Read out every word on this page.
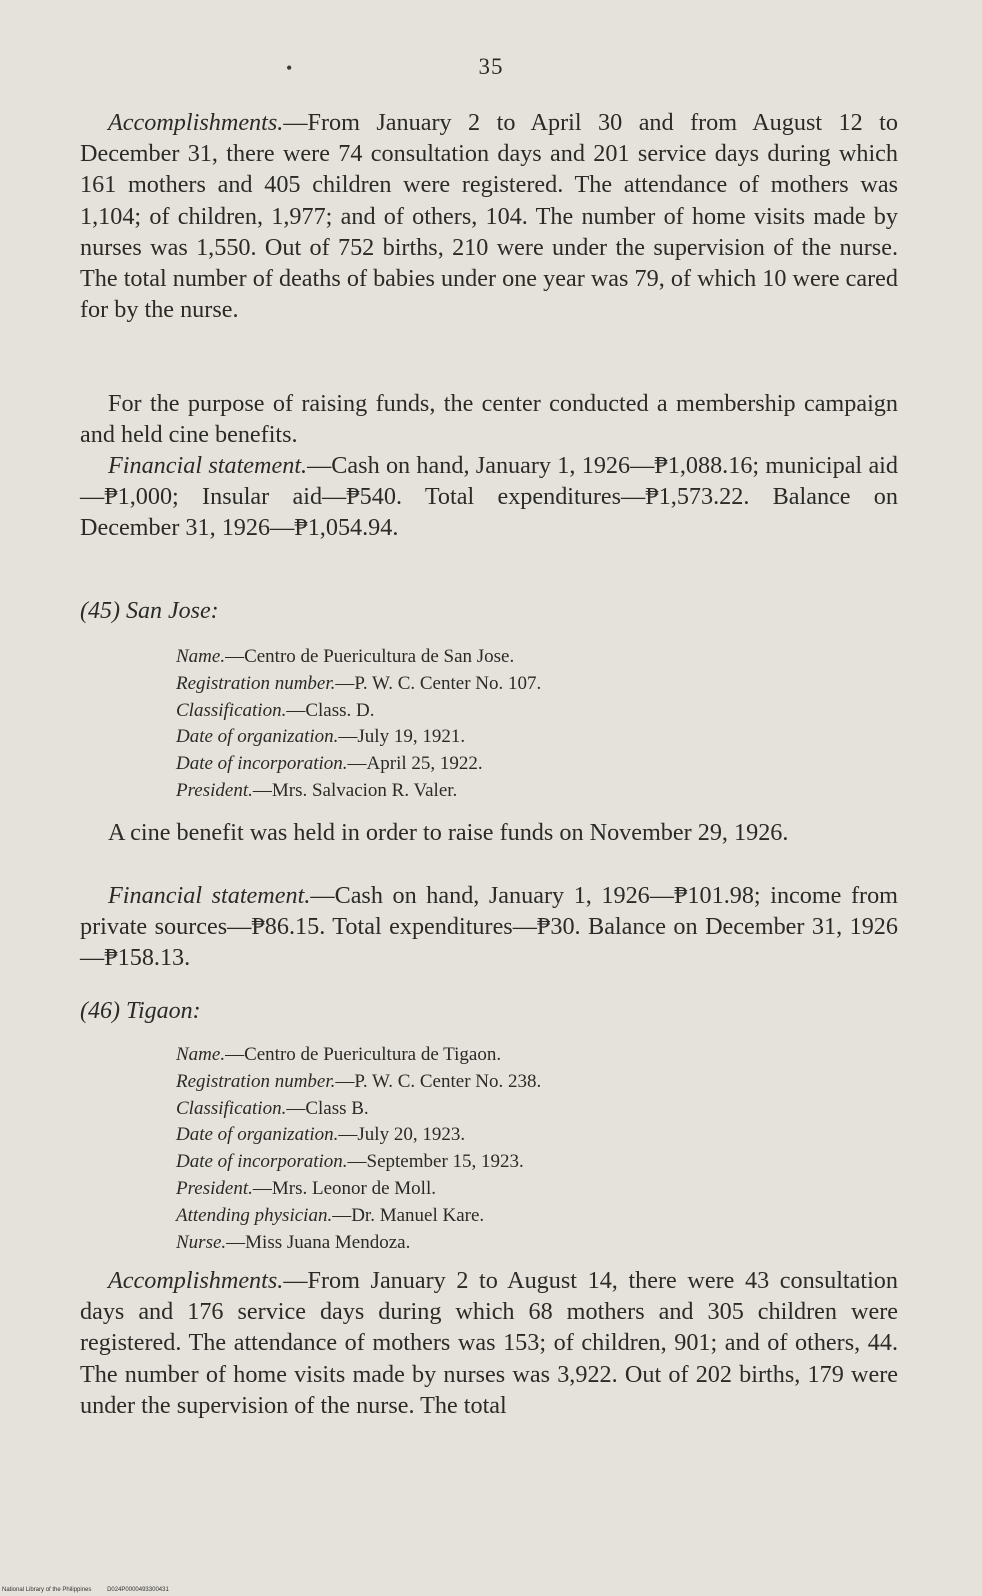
•	35

Accomplishments.—From January 2 to April 30 and from August 12 to December 31, there were 74 consultation days and 201 service days during which 161 mothers and 405 children were registered. The attendance of mothers was 1,104; of children, 1,977; and of others, 104. The number of home visits made by nurses was 1,550. Out of 752 births, 210 were under the supervision of the nurse. The total number of deaths of babies under one year was 79, of which 10 were cared for by the nurse.

For the purpose of raising funds, the center conducted a membership campaign and held cine benefits.

Financial statement.—Cash on hand, January 1, 1926—₱1,088.16; municipal aid—₱1,000; Insular aid—₱540. Total expenditures—₱1,573.22. Balance on December 31, 1926—₱1,054.94.

(45) San Jose:
Name.—Centro de Puericultura de San Jose.
Registration number.—P. W. C. Center No. 107.
Classification.—Class. D.
Date of organization.—July 19, 1921.
Date of incorporation.—April 25, 1922.
President.—Mrs. Salvacion R. Valer.

A cine benefit was held in order to raise funds on November 29, 1926.

Financial statement.—Cash on hand, January 1, 1926—₱101.98; income from private sources—₱86.15. Total expenditures—₱30. Balance on December 31, 1926—₱158.13.

(46) Tigaon:
Name.—Centro de Puericultura de Tigaon.
Registration number.—P. W. C. Center No. 238.
Classification.—Class B.
Date of organization.—July 20, 1923.
Date of incorporation.—September 15, 1923.
President.—Mrs. Leonor de Moll.
Attending physician.—Dr. Manuel Kare.
Nurse.—Miss Juana Mendoza.

Accomplishments.—From January 2 to August 14, there were 43 consultation days and 176 service days during which 68 mothers and 305 children were registered. The attendance of mothers was 153; of children, 901; and of others, 44. The number of home visits made by nurses was 3,922. Out of 202 births, 179 were under the supervision of the nurse. The total

National Library of the Philippines	D024P0000493300431
